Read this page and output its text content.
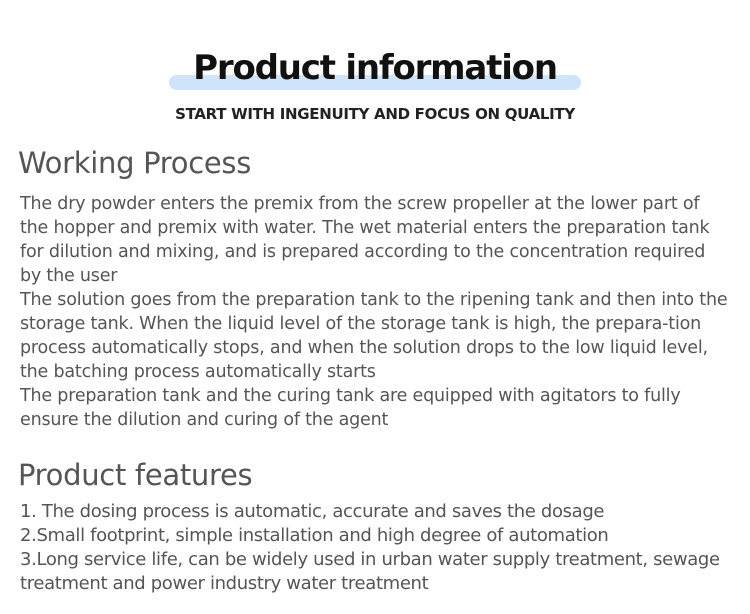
Product information
START WITH INGENUITY AND FOCUS ON QUALITY
Working Process

The dry powder enters the premix from the screw propeller at the lower part of the hopper and premix with water. The wet material enters the preparation tank for dilution and mixing, and is prepared according to the concentration required by the user

The solution goes from the preparation tank to the ripening tank and then into the storage tank. When the liquid level of the storage tank is high, the prepara-tion process automatically stops, and when the solution drops to the low liquid level, the batching process automatically starts

The preparation tank and the curing tank are equipped with agitators to fully ensure the dilution and curing of the agent

Product features

1. The dosing process is automatic, accurate and saves the dosage

2.Small footprint, simple installation and high degree of automation

3.Long service life, can be widely used in urban water supply treatment, sewage treatment and power industry water treatment
